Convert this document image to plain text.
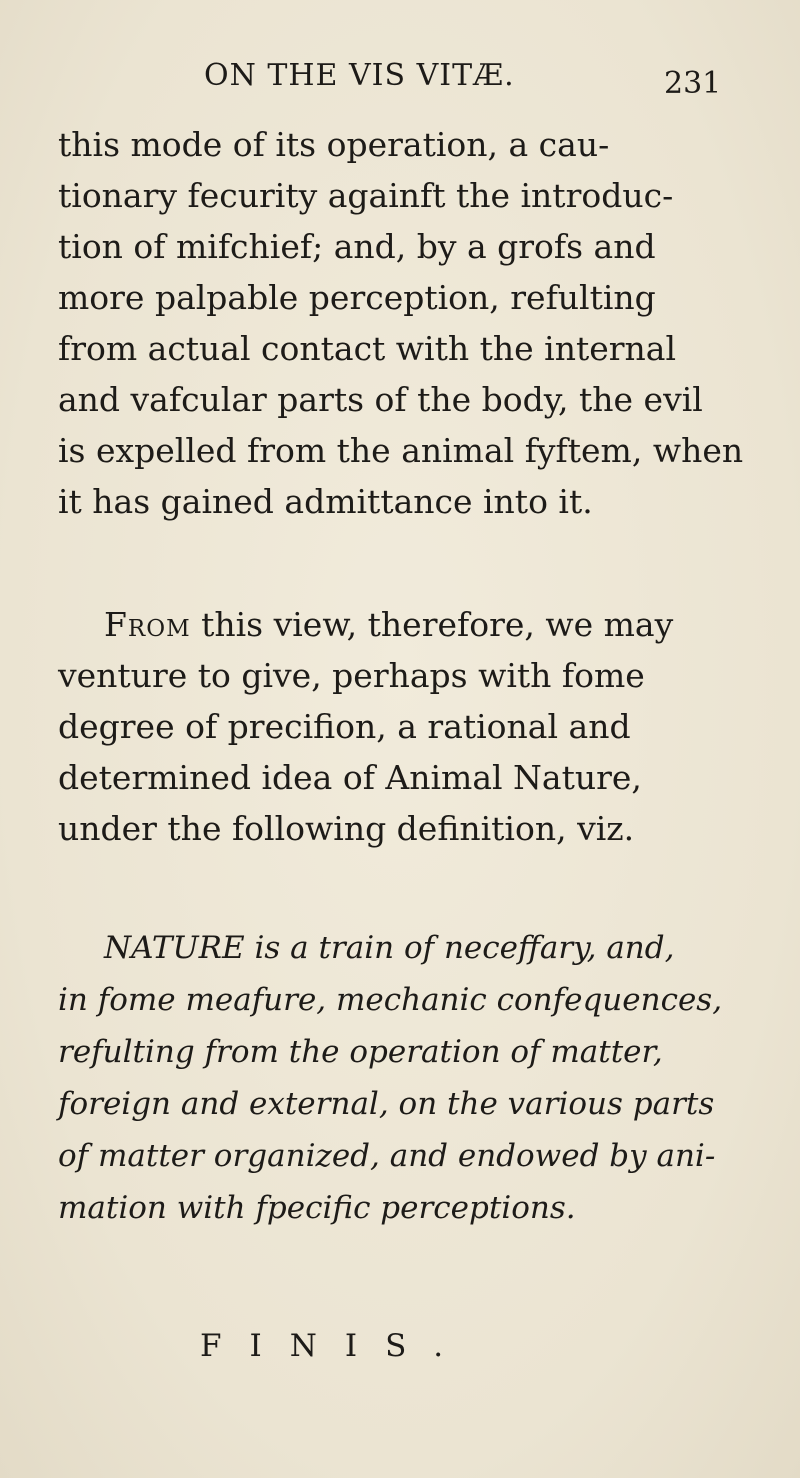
ON THE VIS VITÆ.	231
this mode of its operation, a cau-
tionary fecurity againft the introduc-
tion of mifchief; and, by a grofs and
more palpable perception, refulting
from actual contact with the internal
and vafcular parts of the body, the evil
is expelled from the animal fyftem, when
it has gained admittance into it.
From this view, therefore, we may
venture to give, perhaps with fome
degree of precifion, a rational and
determined idea of Animal Nature,
under the following definition, viz.
NATURE is a train of neceffary, and,
in fome meafure, mechanic confequences,
refulting from the operation of matter,
foreign and external, on the various parts
of matter organized, and endowed by ani-
mation with fpecific perceptions.
FINIS.
